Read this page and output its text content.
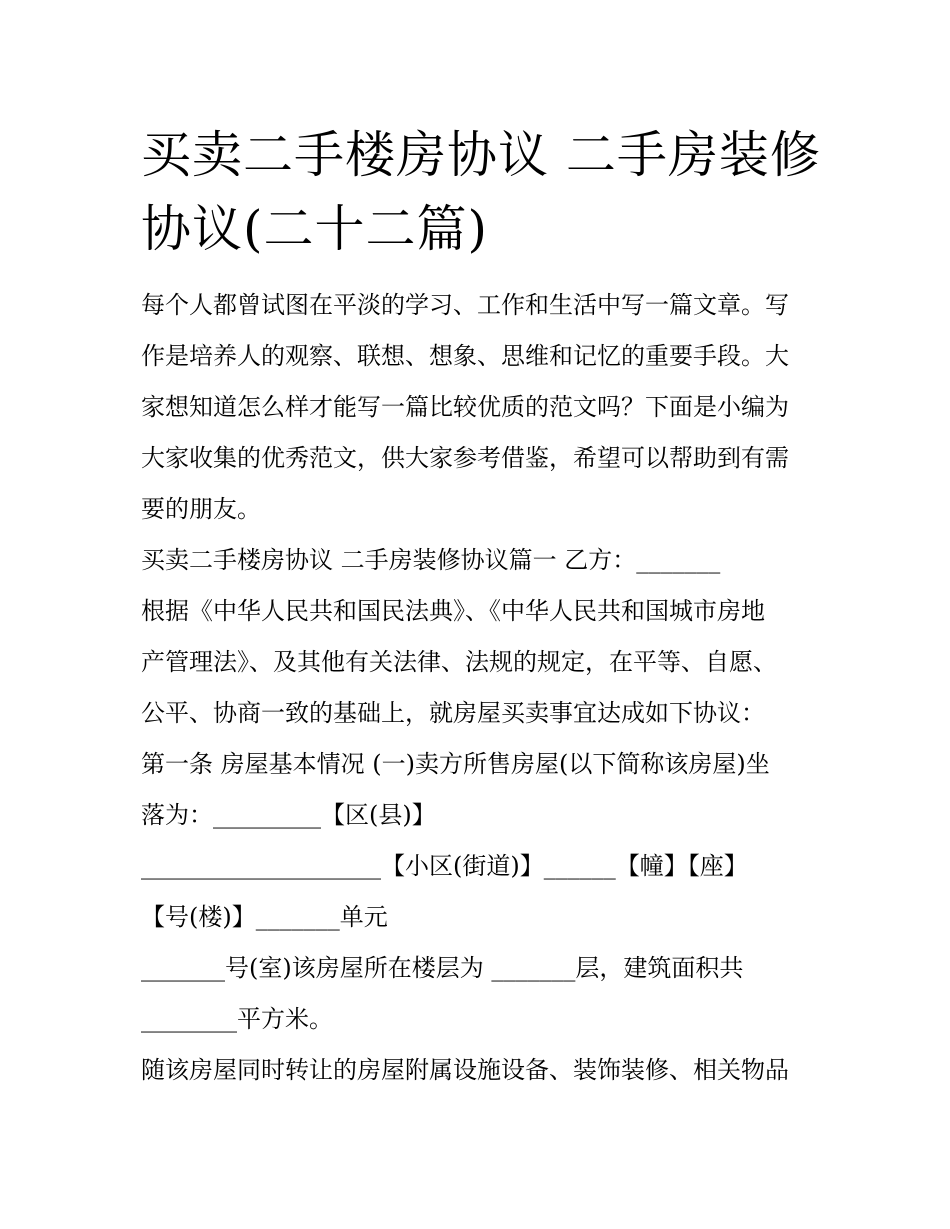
买卖二手楼房协议 二手房装修
协议(二十二篇)

每个人都曾试图在平淡的学习、工作和生活中写一篇文章。写

作是培养人的观察、联想、想象、思维和记忆的重要手段。大

家想知道怎么样才能写一篇比较优质的范文吗？下面是小编为

大家收集的优秀范文，供大家参考借鉴，希望可以帮助到有需

要的朋友。

买卖二手楼房协议 二手房装修协议篇一 乙方：_______

根据《中华人民共和国民法典》、《中华人民共和国城市房地

产管理法》、及其他有关法律、法规的规定，在平等、自愿、

公平、协商一致的基础上，就房屋买卖事宜达成如下协议：

第一条 房屋基本情况 (一)卖方所售房屋(以下简称该房屋)坐

落为：_________【区(县)】

____________________【小区(街道)】______【幢】【座】

【号(楼)】_______单元

_______号(室)该房屋所在楼层为 _______层，建筑面积共

________平方米。

随该房屋同时转让的房屋附属设施设备、装饰装修、相关物品
